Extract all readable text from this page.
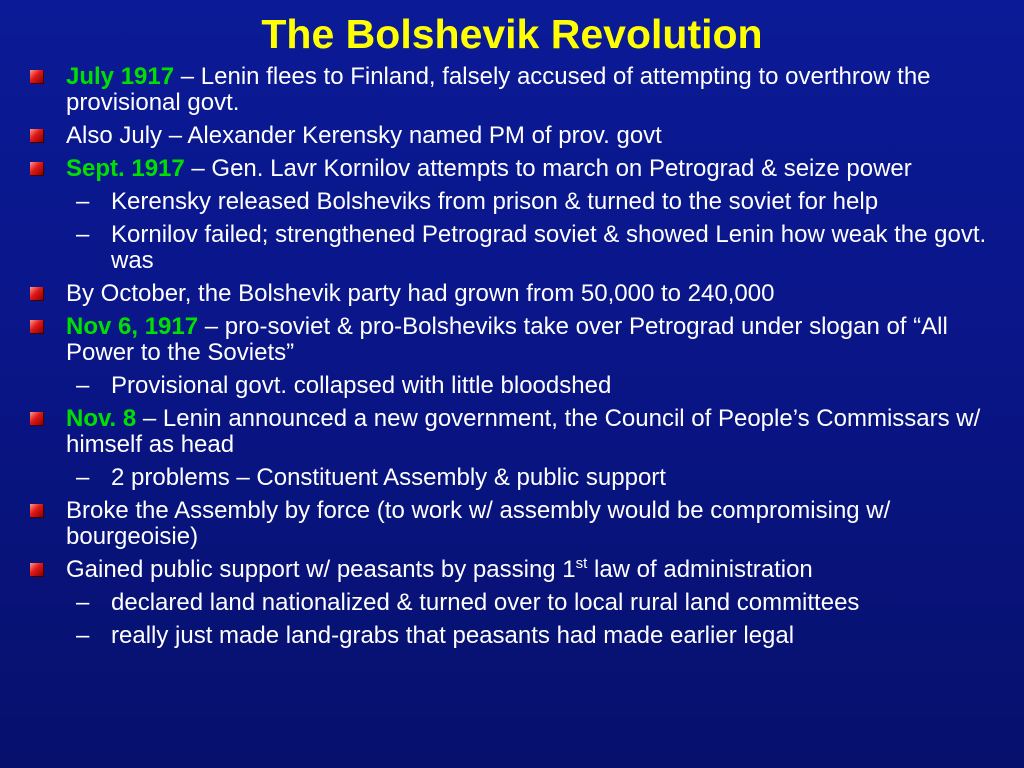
The Bolshevik Revolution
July 1917 – Lenin flees to Finland, falsely accused of attempting to overthrow the provisional govt.
Also July – Alexander Kerensky named PM of prov. govt
Sept. 1917 – Gen. Lavr Kornilov attempts to march on Petrograd & seize power
– Kerensky released Bolsheviks from prison & turned to the soviet for help
– Kornilov failed; strengthened Petrograd soviet & showed Lenin how weak the govt. was
By October, the Bolshevik party had grown from 50,000 to 240,000
Nov 6, 1917 – pro-soviet & pro-Bolsheviks take over Petrograd under slogan of “All Power to the Soviets”
– Provisional govt. collapsed with little bloodshed
Nov. 8 – Lenin announced a new government, the Council of People’s Commissars w/ himself as head
– 2 problems – Constituent Assembly & public support
Broke the Assembly by force (to work w/ assembly would be compromising w/ bourgeoisie)
Gained public support w/ peasants by passing 1st law of administration
– declared land nationalized & turned over to local rural land committees
– really just made land-grabs that peasants had made earlier legal
